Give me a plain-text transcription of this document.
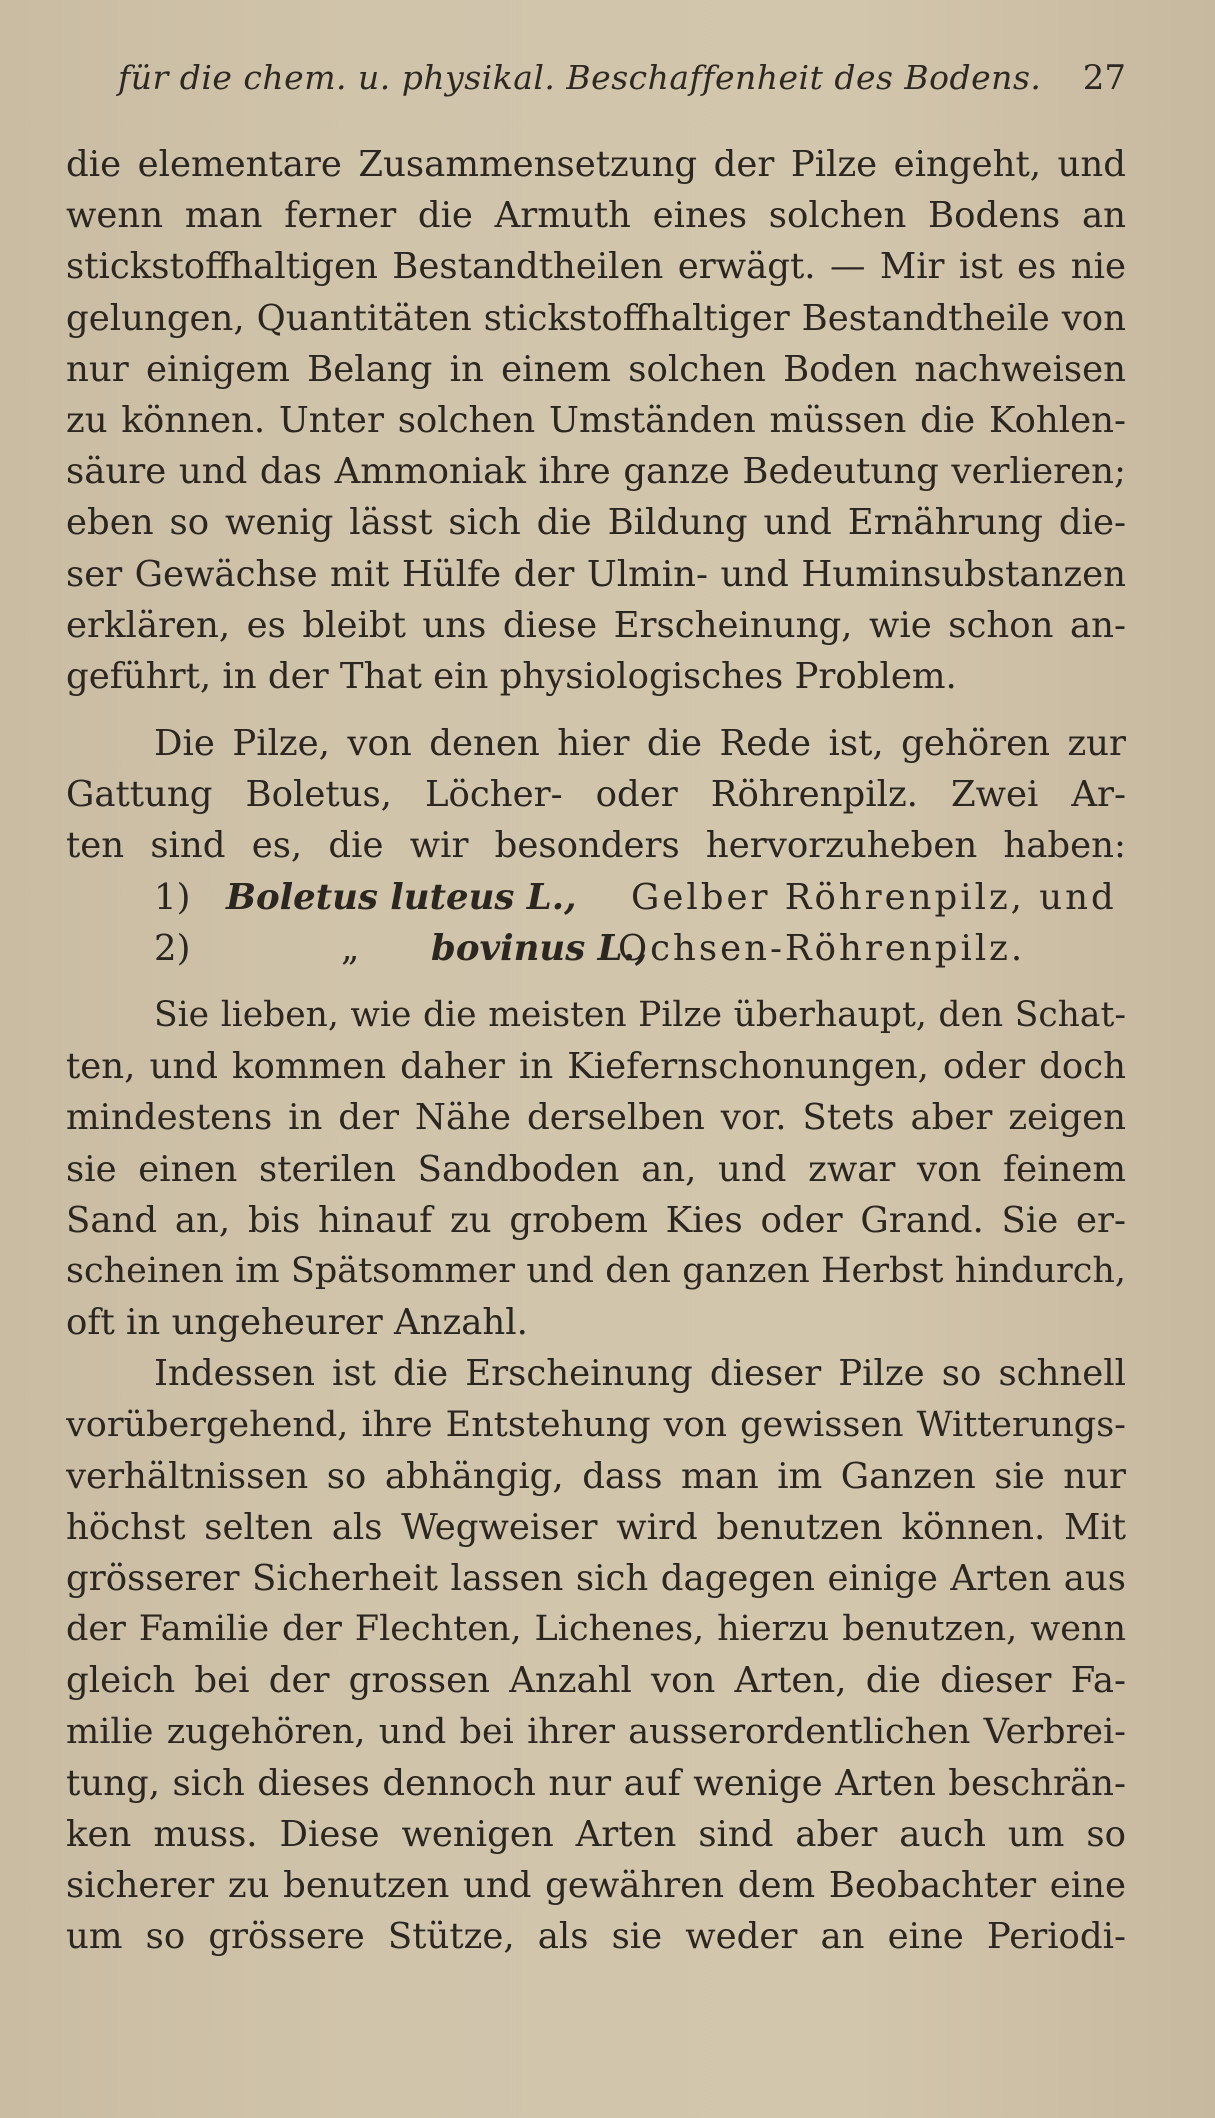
für die chem. u. physikal. Beschaffenheit des Bodens. 27
die elementare Zusammensetzung der Pilze eingeht, und
wenn man ferner die Armuth eines solchen Bodens an
stickstoffhaltigen Bestandtheilen erwägt. — Mir ist es nie
gelungen, Quantitäten stickstoffhaltiger Bestandtheile von
nur einigem Belang in einem solchen Boden nachweisen
zu können. Unter solchen Umständen müssen die Kohlen-
säure und das Ammoniak ihre ganze Bedeutung verlieren;
eben so wenig lässt sich die Bildung und Ernährung die-
ser Gewächse mit Hülfe der Ulmin- und Huminsubstanzen
erklären, es bleibt uns diese Erscheinung, wie schon an-
geführt, in der That ein physiologisches Problem.
Die Pilze, von denen hier die Rede ist, gehören zur
Gattung Boletus, Löcher- oder Röhrenpilz. Zwei Ar-
ten sind es, die wir besonders hervorzuheben haben:
1) Boletus luteus L., Gelber Röhrenpilz, und
2)	„ bovinus L.,
Ochsen-Röhrenpilz.
Sie lieben, wie die meisten Pilze überhaupt, den Schat-
ten, und kommen daher in Kiefernschonungen, oder doch
mindestens in der Nähe derselben vor. Stets aber zeigen
sie einen sterilen Sandboden an, und zwar von feinem
Sand an, bis hinauf zu grobem Kies oder Grand. Sie er-
scheinen im Spätsommer und den ganzen Herbst hindurch,
oft in ungeheurer Anzahl.
Indessen ist die Erscheinung dieser Pilze so schnell
vorübergehend, ihre Entstehung von gewissen Witterungs-
verhältnissen so abhängig, dass man im Ganzen sie nur
höchst selten als Wegweiser wird benutzen können. Mit
grösserer Sicherheit lassen sich dagegen einige Arten aus
der Familie der Flechten, Lichenes, hierzu benutzen, wenn
gleich bei der grossen Anzahl von Arten, die dieser Fa-
milie zugehören, und bei ihrer ausserordentlichen Verbrei-
tung, sich dieses dennoch nur auf wenige Arten beschrän-
ken muss. Diese wenigen Arten sind aber auch um so
sicherer zu benutzen und gewähren dem Beobachter eine
um so grössere Stütze, als sie weder an eine Periodi-
